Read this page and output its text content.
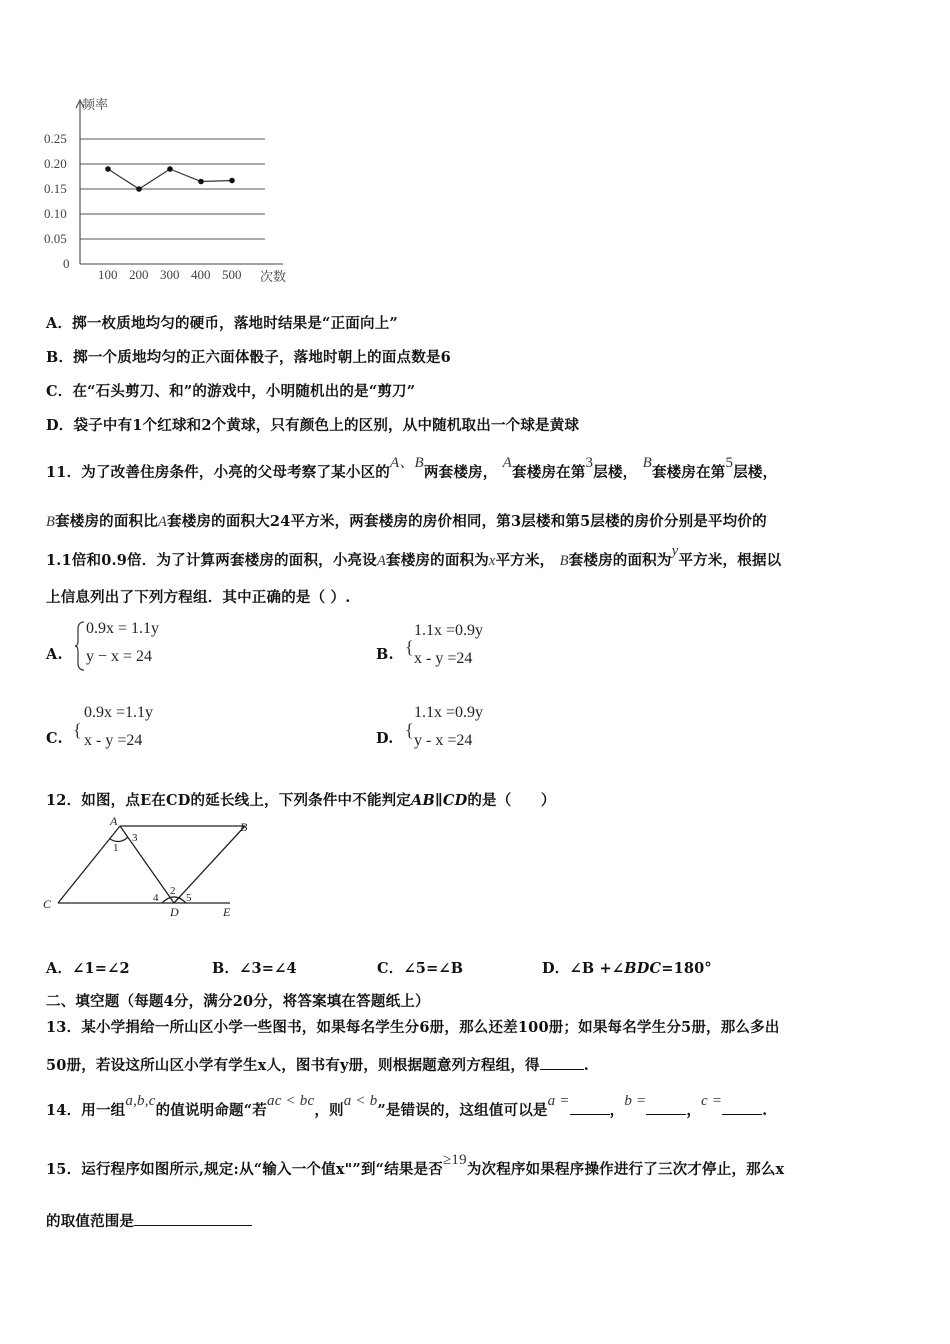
0.25
0.20
0.15
0.10
0.05
0
100 200 300 400 500
频率
次数
A．掷一枚质地均匀的硬币，落地时结果是“正面向上”
B．掷一个质地均匀的正六面体骰子，落地时朝上的面点数是6
C．在“石头剪刀、和”的游戏中，小明随机出的是“剪刀”
D．袋子中有1个红球和2个黄球，只有颜色上的区别，从中随机取出一个球是黄球
11．为了改善住房条件，小亮的父母考察了某小区的A、B两套楼房， A套楼房在第3层楼， B套楼房在第5层楼，
B套楼房的面积比A套楼房的面积大24平方米，两套楼房的房价相同，第3层楼和第5层楼的房价分别是平均价的
1.1倍和0.9倍．为了计算两套楼房的面积，小亮设A套楼房的面积为x平方米， B套楼房的面积为y平方米，根据以
上信息列出了下列方程组．其中正确的是（ ）.
A.
0.9x = 1.1y
y − x = 24	B. {
1.1x =0.9y
x - y =24
C. {
0.9x =1.1y
x - y =24	D. {
1.1x =0.9y
y - x =24
12．如图，点E在CD的延长线上，下列条件中不能判定AB∥CD的是（　　）
A	B
C
D	E
1
2
3
4	5
A．∠1=∠2	B．∠3=∠4	C．∠5=∠B	D．∠B +∠BDC=180°
二、填空题（每题4分，满分20分，将答案填在答题纸上）
13．某小学捐给一所山区小学一些图书，如果每名学生分6册，那么还差100册；如果每名学生分5册，那么多出
50册，若设这所山区小学有学生x人，图书有y册，则根据题意列方程组，得	.
14．用一组a,b,c的值说明命题“若ac < bc，则a < b”是错误的，这组值可以是a =，b =，c =.
15．运行程序如图所示,规定:从“输入一个值x"”到“结果是否≥19为次程序如果程序操作进行了三次才停止，那么x
的取值范围是
